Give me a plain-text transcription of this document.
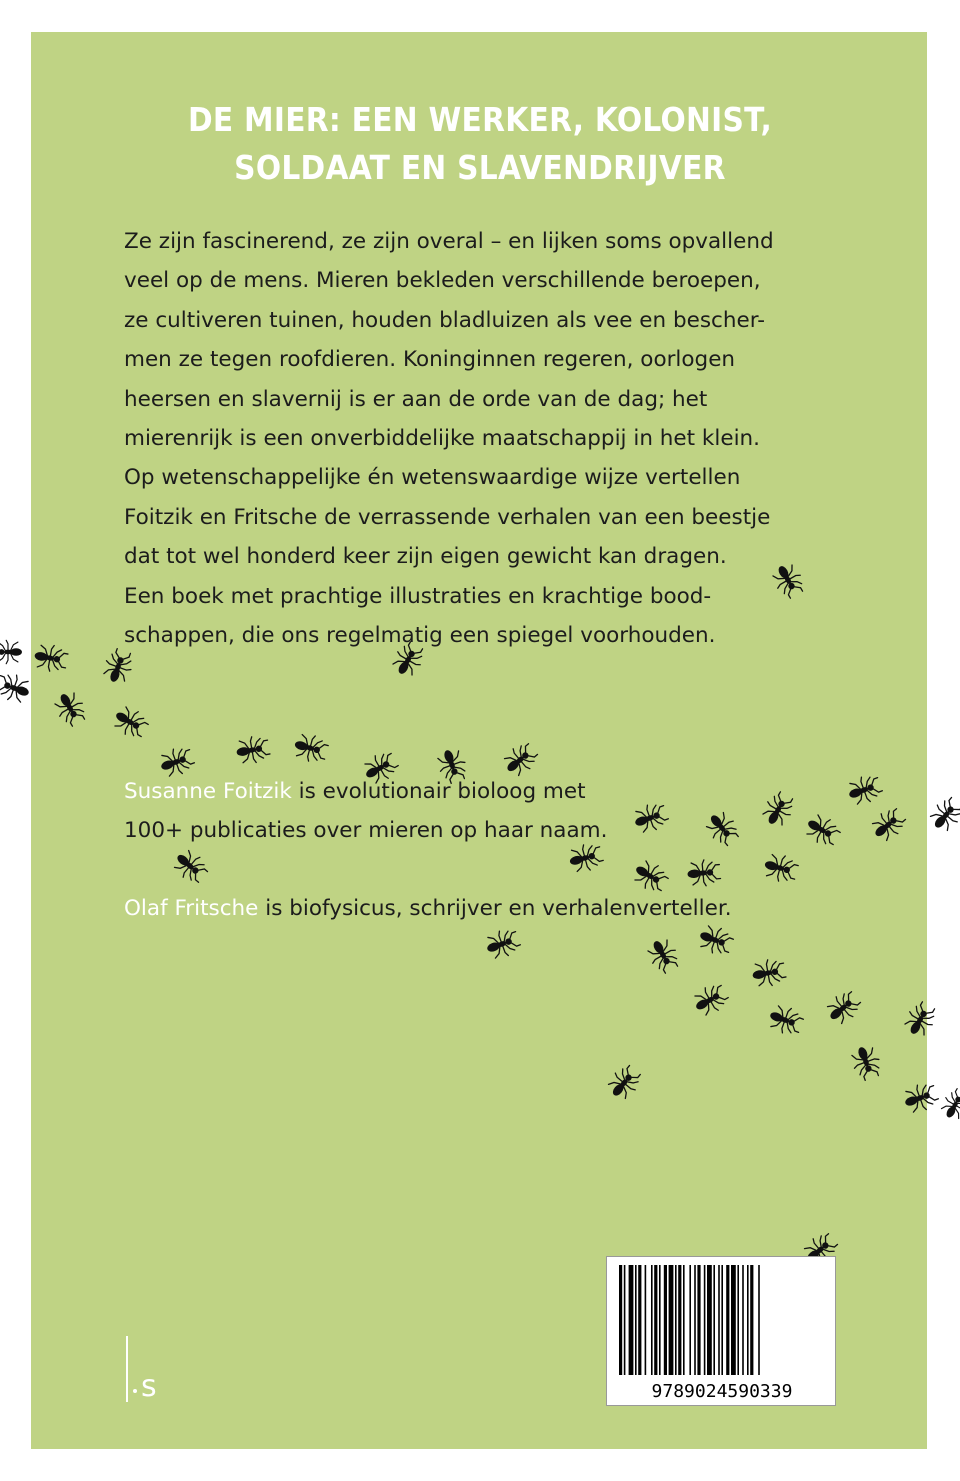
DE MIER: EEN WERKER, KOLONIST,
SOLDAAT EN SLAVENDRIJVER
Ze zijn fascinerend, ze zijn overal – en lijken soms opvallend
veel op de mens. Mieren bekleden verschillende beroepen,
ze cultiveren tuinen, houden bladluizen als vee en bescher-
men ze tegen roofdieren. Koninginnen regeren, oorlogen
heersen en slavernij is er aan de orde van de dag; het
mierenrijk is een onverbiddelijke maatschappij in het klein.
Op wetenschappelijke én wetenswaardige wijze vertellen
Foitzik en Fritsche de verrassende verhalen van een beestje
dat tot wel honderd keer zijn eigen gewicht kan dragen.
Een boek met prachtige illustraties en krachtige bood-
schappen, die ons regelmatig een spiegel voorhouden.
Susanne Foitzik is evolutionair bioloog met
100+ publicaties over mieren op haar naam.
Olaf Fritsche is biofysicus, schrijver en verhalenverteller.
s	9789024590339
